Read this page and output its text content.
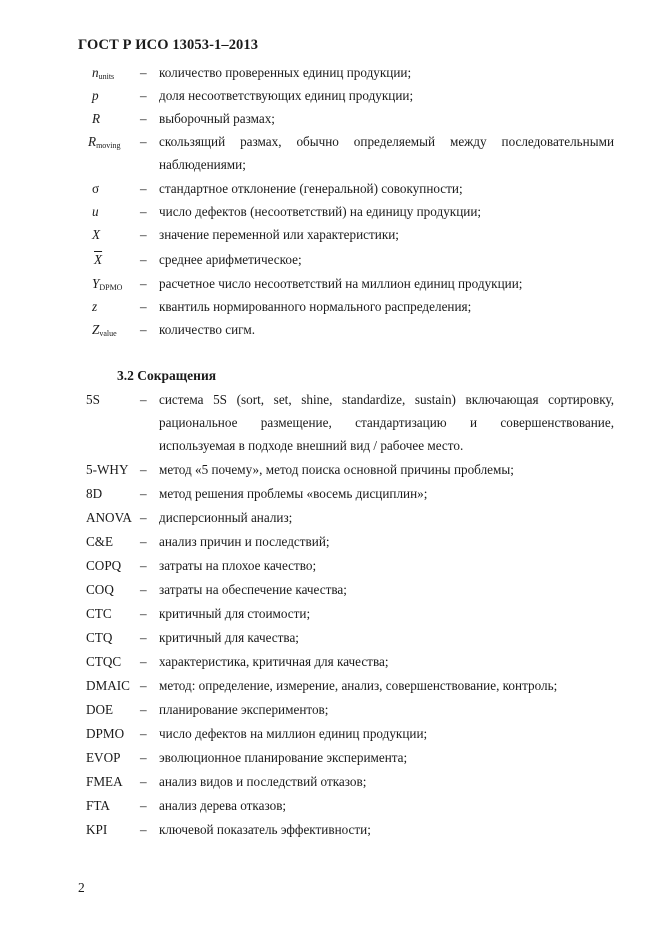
ГОСТ Р ИСО 13053-1–2013
$n_{units}$ – количество проверенных единиц продукции;
p	– доля несоответствующих единиц продукции;
R	– выборочный размах;
$R_{moving}$ – скользящий размах, обычно определяемый между последовательными
наблюдениями;
σ	– стандартное отклонение (генеральной) совокупности;
u	– число дефектов (несоответствий) на единицу продукции;
X	– значение переменной или характеристики;
$\overline{X}$	– среднее арифметическое;
$Y_{DPMO}$ – расчетное число несоответствий на миллион единиц продукции;
z	– квантиль нормированного нормального распределения;
$Z_{value}$ – количество сигм.
3.2 Сокращения
5S	– система 5S (sort, set, shine, standardize, sustain) включающая сортировку,
рациональное размещение, стандартизацию и совершенствование,
используемая в подходе внешний вид / рабочее место.
5-WHY – метод «5 почему», метод поиска основной причины проблемы;
8D	– метод решения проблемы «восемь дисциплин»;
ANOVA – дисперсионный анализ;
C&E – анализ причин и последствий;
COPQ – затраты на плохое качество;
COQ – затраты на обеспечение качества;
CTC – критичный для стоимости;
CTQ – критичный для качества;
CTQC – характеристика, критичная для качества;
DMAIC – метод: определение, измерение, анализ, совершенствование, контроль;
DOE – планирование экспериментов;
DPMO – число дефектов на миллион единиц продукции;
EVOP – эволюционное планирование эксперимента;
FMEA – анализ видов и последствий отказов;
FTA – анализ дерева отказов;
KPI – ключевой показатель эффективности;
2
